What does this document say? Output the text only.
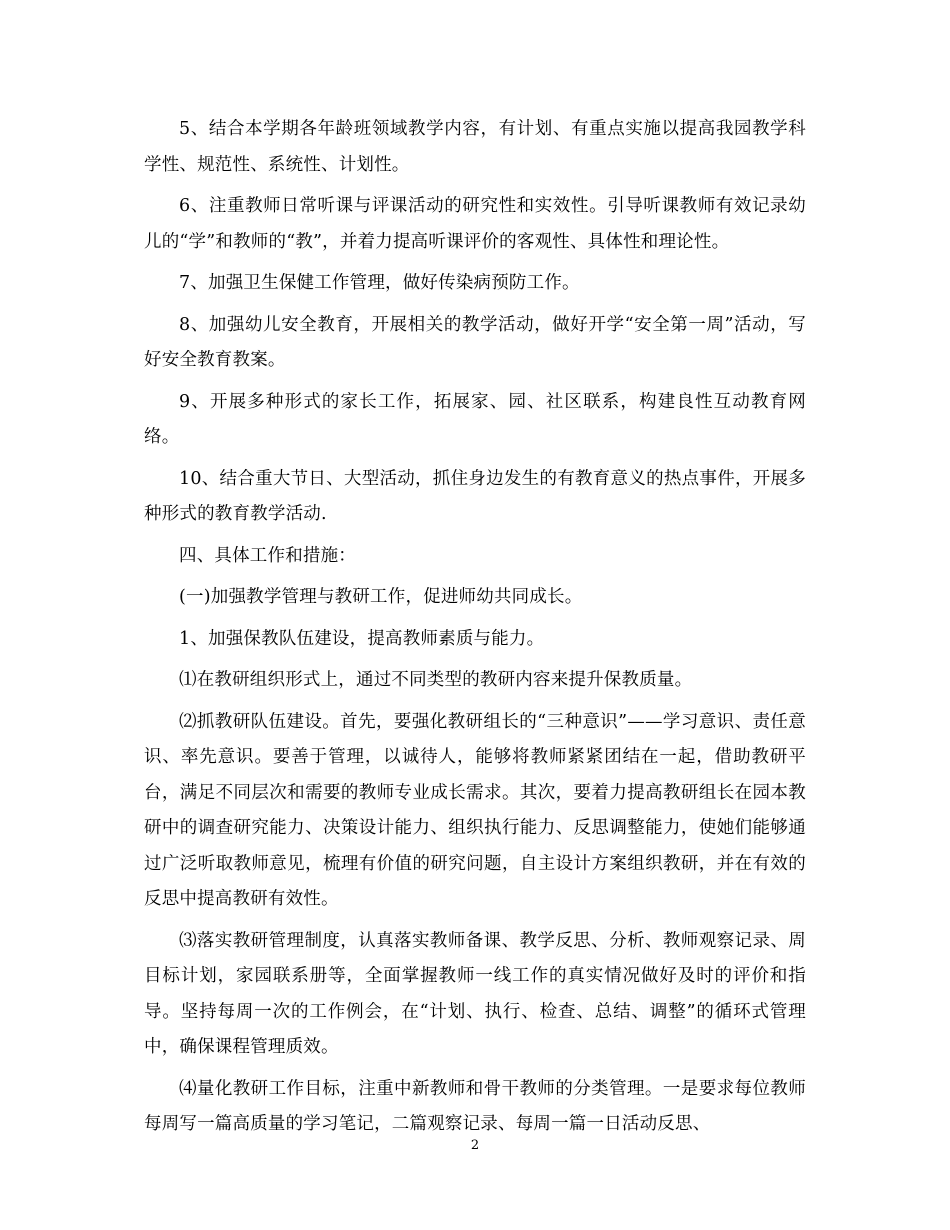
5、结合本学期各年龄班领域教学内容，有计划、有重点实施以提高我园教学科学性、规范性、系统性、计划性。

6、注重教师日常听课与评课活动的研究性和实效性。引导听课教师有效记录幼儿的“学”和教师的“教”，并着力提高听课评价的客观性、具体性和理论性。

7、加强卫生保健工作管理，做好传染病预防工作。

8、加强幼儿安全教育，开展相关的教学活动，做好开学“安全第一周”活动，写好安全教育教案。

9、开展多种形式的家长工作，拓展家、园、社区联系，构建良性互动教育网络。

10、结合重大节日、大型活动，抓住身边发生的有教育意义的热点事件，开展多种形式的教育教学活动.

四、具体工作和措施：

(一)加强教学管理与教研工作，促进师幼共同成长。

1、加强保教队伍建设，提高教师素质与能力。

⑴在教研组织形式上，通过不同类型的教研内容来提升保教质量。

⑵抓教研队伍建设。首先，要强化教研组长的“三种意识”——学习意识、责任意识、率先意识。要善于管理，以诚待人，能够将教师紧紧团结在一起，借助教研平台，满足不同层次和需要的教师专业成长需求。其次，要着力提高教研组长在园本教研中的调查研究能力、决策设计能力、组织执行能力、反思调整能力，使她们能够通过广泛听取教师意见，梳理有价值的研究问题，自主设计方案组织教研，并在有效的反思中提高教研有效性。

⑶落实教研管理制度，认真落实教师备课、教学反思、分析、教师观察记录、周目标计划，家园联系册等，全面掌握教师一线工作的真实情况做好及时的评价和指导。坚持每周一次的工作例会，在“计划、执行、检查、总结、调整”的循环式管理中，确保课程管理质效。

⑷量化教研工作目标，注重中新教师和骨干教师的分类管理。一是要求每位教师每周写一篇高质量的学习笔记，二篇观察记录、每周一篇一日活动反思、

2
